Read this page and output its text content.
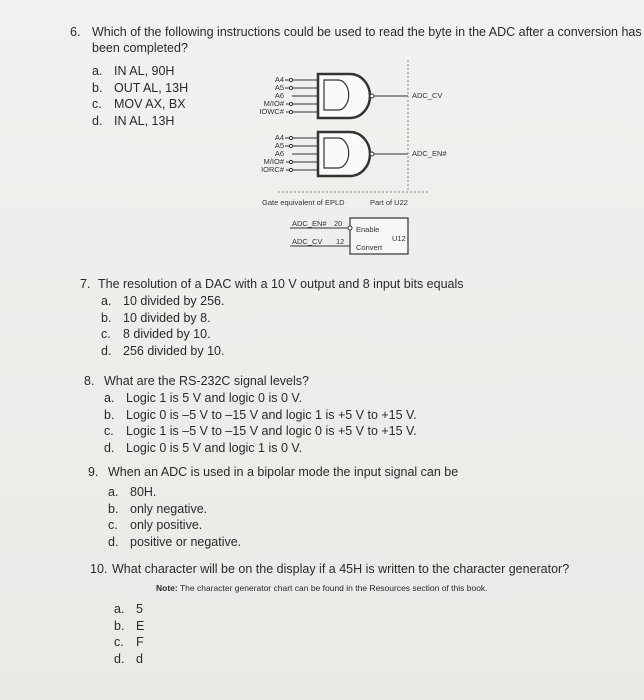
6. Which of the following instructions could be used to read the byte in the ADC after a conversion has
been completed?
a. IN AL, 90H
b. OUT AL, 13H
c. MOV AX, BX
d. IN AL, 13H
A4
A5
A6
M/IO#
IOWC#
A4
A5
A6
M/IO#
IORC#
ADC_CV
ADC_EN#
Gate equivalent of EPLD	Part of U22
ADC_EN# 20
ADC_CV 12
Enable
Convert
U12
7. The resolution of a DAC with a 10 V output and 8 input bits equals
a. 10 divided by 256.
b. 10 divided by 8.
c. 8 divided by 10.
d. 256 divided by 10.
8. What are the RS-232C signal levels?
a. Logic 1 is 5 V and logic 0 is 0 V.
b. Logic 0 is –5 V to –15 V and logic 1 is +5 V to +15 V.
c. Logic 1 is –5 V to –15 V and logic 0 is +5 V to +15 V.
d. Logic 0 is 5 V and logic 1 is 0 V.
9. When an ADC is used in a bipolar mode the input signal can be
a. 80H.
b. only negative.
c. only positive.
d. positive or negative.
10. What character will be on the display if a 45H is written to the character generator?
Note: The character generator chart can be found in the Resources section of this book.
a. 5
b. E
c. F
d. d
